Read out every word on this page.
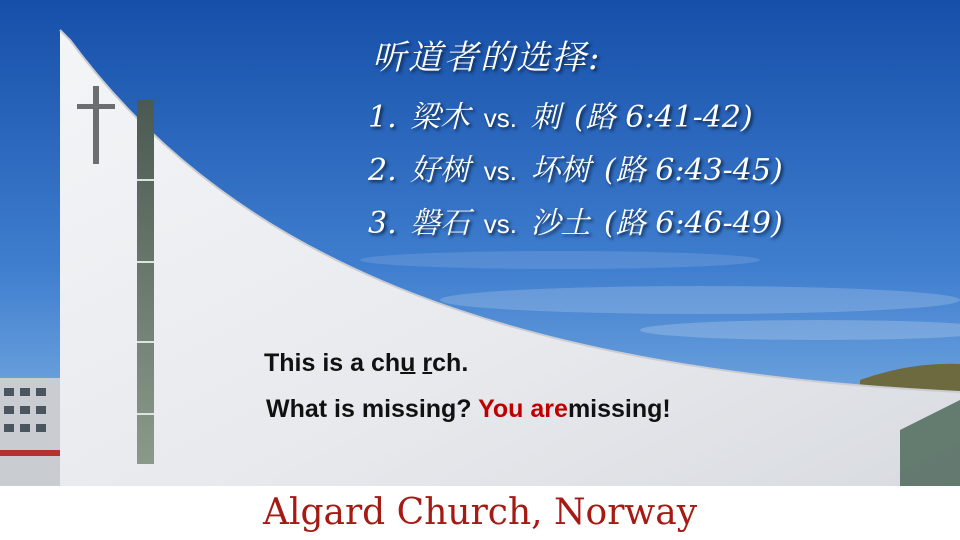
听道者的选择:
1. 梁木 vs. 刺 (路 6:41-42)
2. 好树 vs. 坏树 (路 6:43-45)
3. 磐石 vs. 沙土 (路 6:46-49)
This is a chu rch.
What is missing? You aremissing!
Algard Church, Norway
